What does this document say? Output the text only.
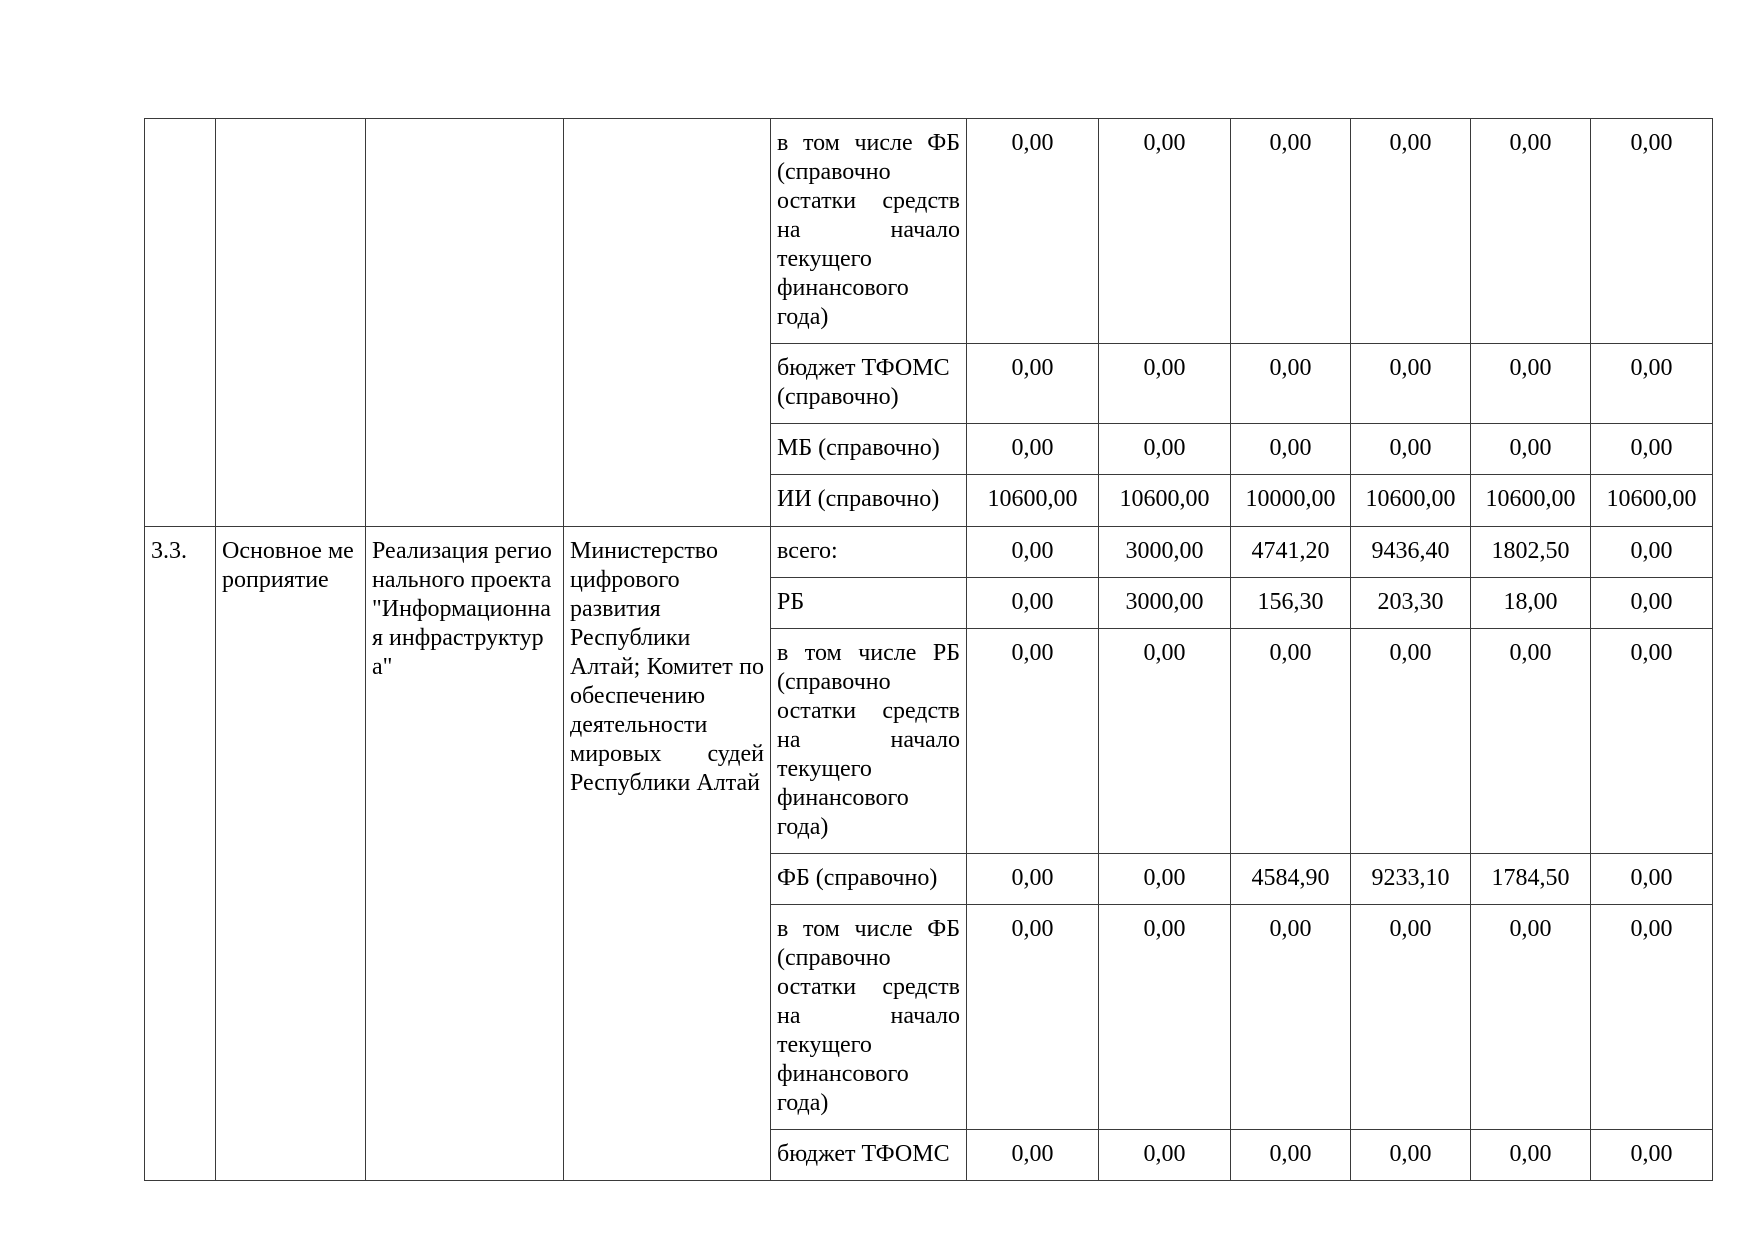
				в том числе ФБ (справочно остатки средств на начало текущего финансового года)	0,00	0,00	0,00	0,00	0,00	0,00
				бюджет ТФОМС (справочно)	0,00	0,00	0,00	0,00	0,00	0,00
				МБ (справочно)	0,00	0,00	0,00	0,00	0,00	0,00
				ИИ (справочно)	10600,00	10600,00	10000,00	10600,00	10600,00	10600,00
3.3.	Основное мероприятие	Реализация регионального проекта "Информационная инфраструктура"	Министерство цифрового развития Республики Алтай; Комитет по обеспечению деятельности мировых судей Республики Алтай	всего:	0,00	3000,00	4741,20	9436,40	1802,50	0,00
				РБ	0,00	3000,00	156,30	203,30	18,00	0,00
				в том числе РБ (справочно остатки средств на начало текущего финансового года)	0,00	0,00	0,00	0,00	0,00	0,00
				ФБ (справочно)	0,00	0,00	4584,90	9233,10	1784,50	0,00
				в том числе ФБ (справочно остатки средств на начало текущего финансового года)	0,00	0,00	0,00	0,00	0,00	0,00
				бюджет ТФОМС	0,00	0,00	0,00	0,00	0,00	0,00
